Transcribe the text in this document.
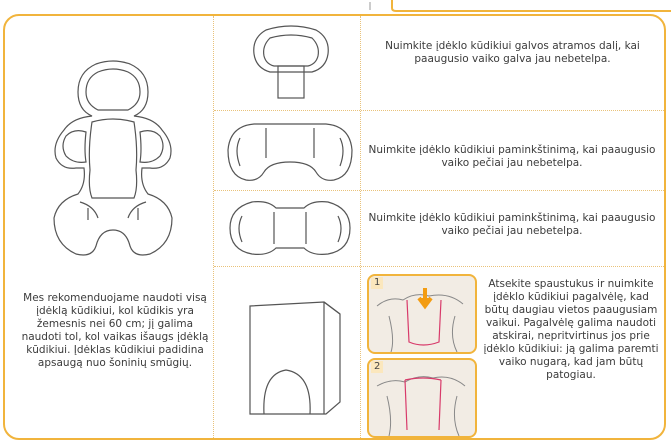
Mes rekomenduojame naudoti visą įdėklą kūdikiui, kol kūdikis yra žemesnis nei 60 cm; jį galima naudoti tol, kol vaikas išaugs įdėklą kūdikiui. Įdėklas kūdikiui padidina apsaugą nuo šoninių smūgių.
Nuimkite įdėklo kūdikiui galvos atramos dalį, kai paaugusio vaiko galva jau nebetelpa.
Nuimkite įdėklo kūdikiui paminkštinimą, kai paaugusio vaiko pečiai jau nebetelpa.
Nuimkite įdėklo kūdikiui paminkštinimą, kai paaugusio vaiko pečiai jau nebetelpa.
1
2
Atsekite spaustukus ir nuimkite įdėklo kūdikiui pagalvėlę, kad būtų daugiau vietos paaugusiam vaikui. Pagalvėlę galima naudoti atskirai, nepritvirtinus jos prie įdėklo kūdikiui: ją galima paremti vaiko nugarą, kad jam būtų patogiau.
